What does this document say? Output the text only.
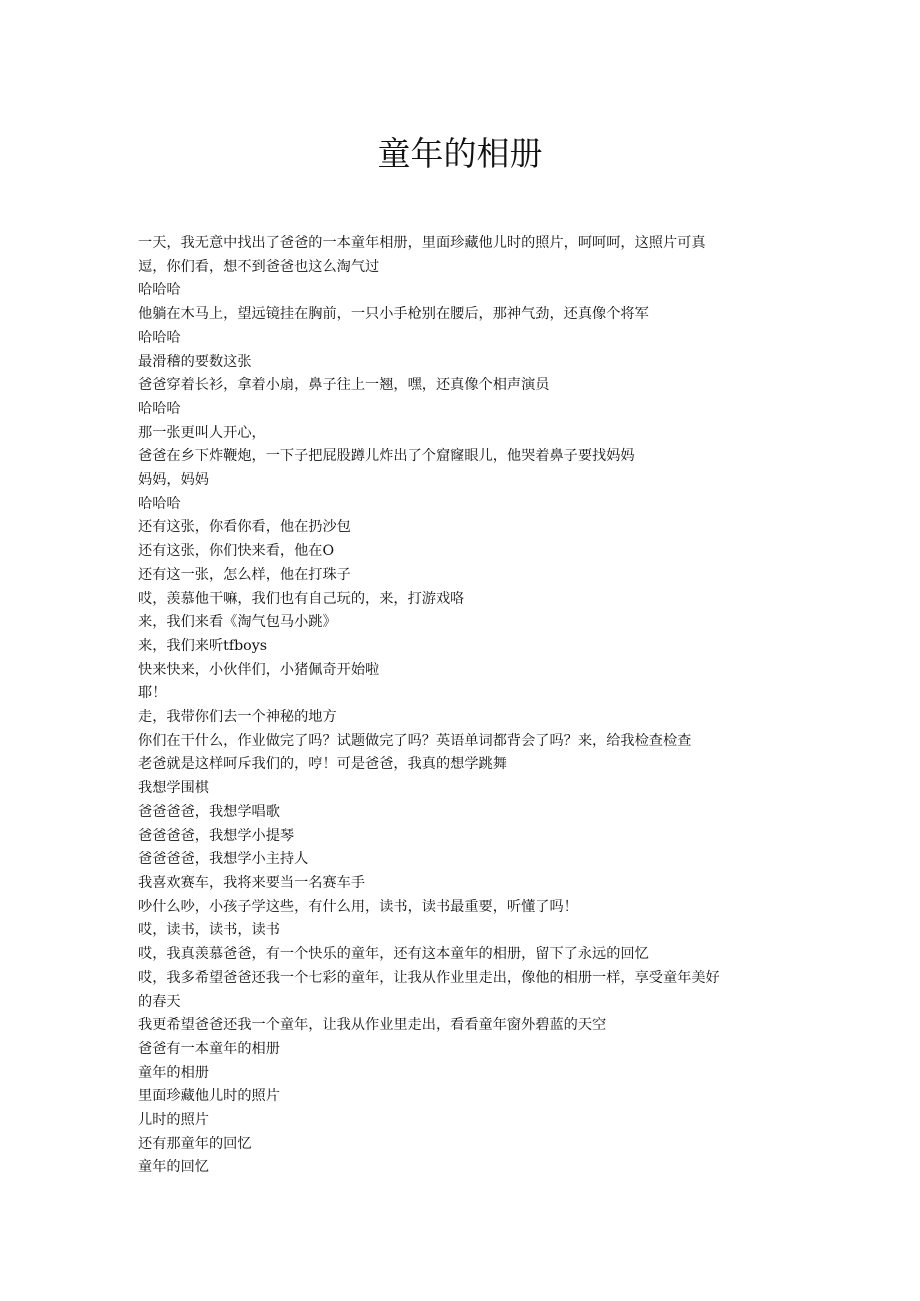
童年的相册
一天，我无意中找出了爸爸的一本童年相册，里面珍藏他儿时的照片，呵呵呵，这照片可真
逗，你们看，想不到爸爸也这么淘气过
哈哈哈
他躺在木马上，望远镜挂在胸前，一只小手枪别在腰后，那神气劲，还真像个将军
哈哈哈
最滑稽的要数这张
爸爸穿着长衫，拿着小扇，鼻子往上一翘，嘿，还真像个相声演员
哈哈哈
那一张更叫人开心，
爸爸在乡下炸鞭炮，一下子把屁股蹲儿炸出了个窟窿眼儿，他哭着鼻子要找妈妈
妈妈，妈妈
哈哈哈
还有这张，你看你看，他在扔沙包
还有这张，你们快来看，他在O
还有这一张，怎么样，他在打珠子
哎，羡慕他干嘛，我们也有自己玩的，来，打游戏咯
来，我们来看《淘气包马小跳》
来，我们来听tfboys
快来快来，小伙伴们，小猪佩奇开始啦
耶！
走，我带你们去一个神秘的地方
你们在干什么，作业做完了吗？试题做完了吗？英语单词都背会了吗？来，给我检查检查
老爸就是这样呵斥我们的，哼！可是爸爸，我真的想学跳舞
我想学围棋
爸爸爸爸，我想学唱歌
爸爸爸爸，我想学小提琴
爸爸爸爸，我想学小主持人
我喜欢赛车，我将来要当一名赛车手
吵什么吵，小孩子学这些，有什么用，读书，读书最重要，听懂了吗！
哎，读书，读书，读书
哎，我真羡慕爸爸，有一个快乐的童年，还有这本童年的相册，留下了永远的回忆
哎，我多希望爸爸还我一个七彩的童年，让我从作业里走出，像他的相册一样，享受童年美好
的春天
我更希望爸爸还我一个童年，让我从作业里走出，看看童年窗外碧蓝的天空
爸爸有一本童年的相册
童年的相册
里面珍藏他儿时的照片
儿时的照片
还有那童年的回忆
童年的回忆
